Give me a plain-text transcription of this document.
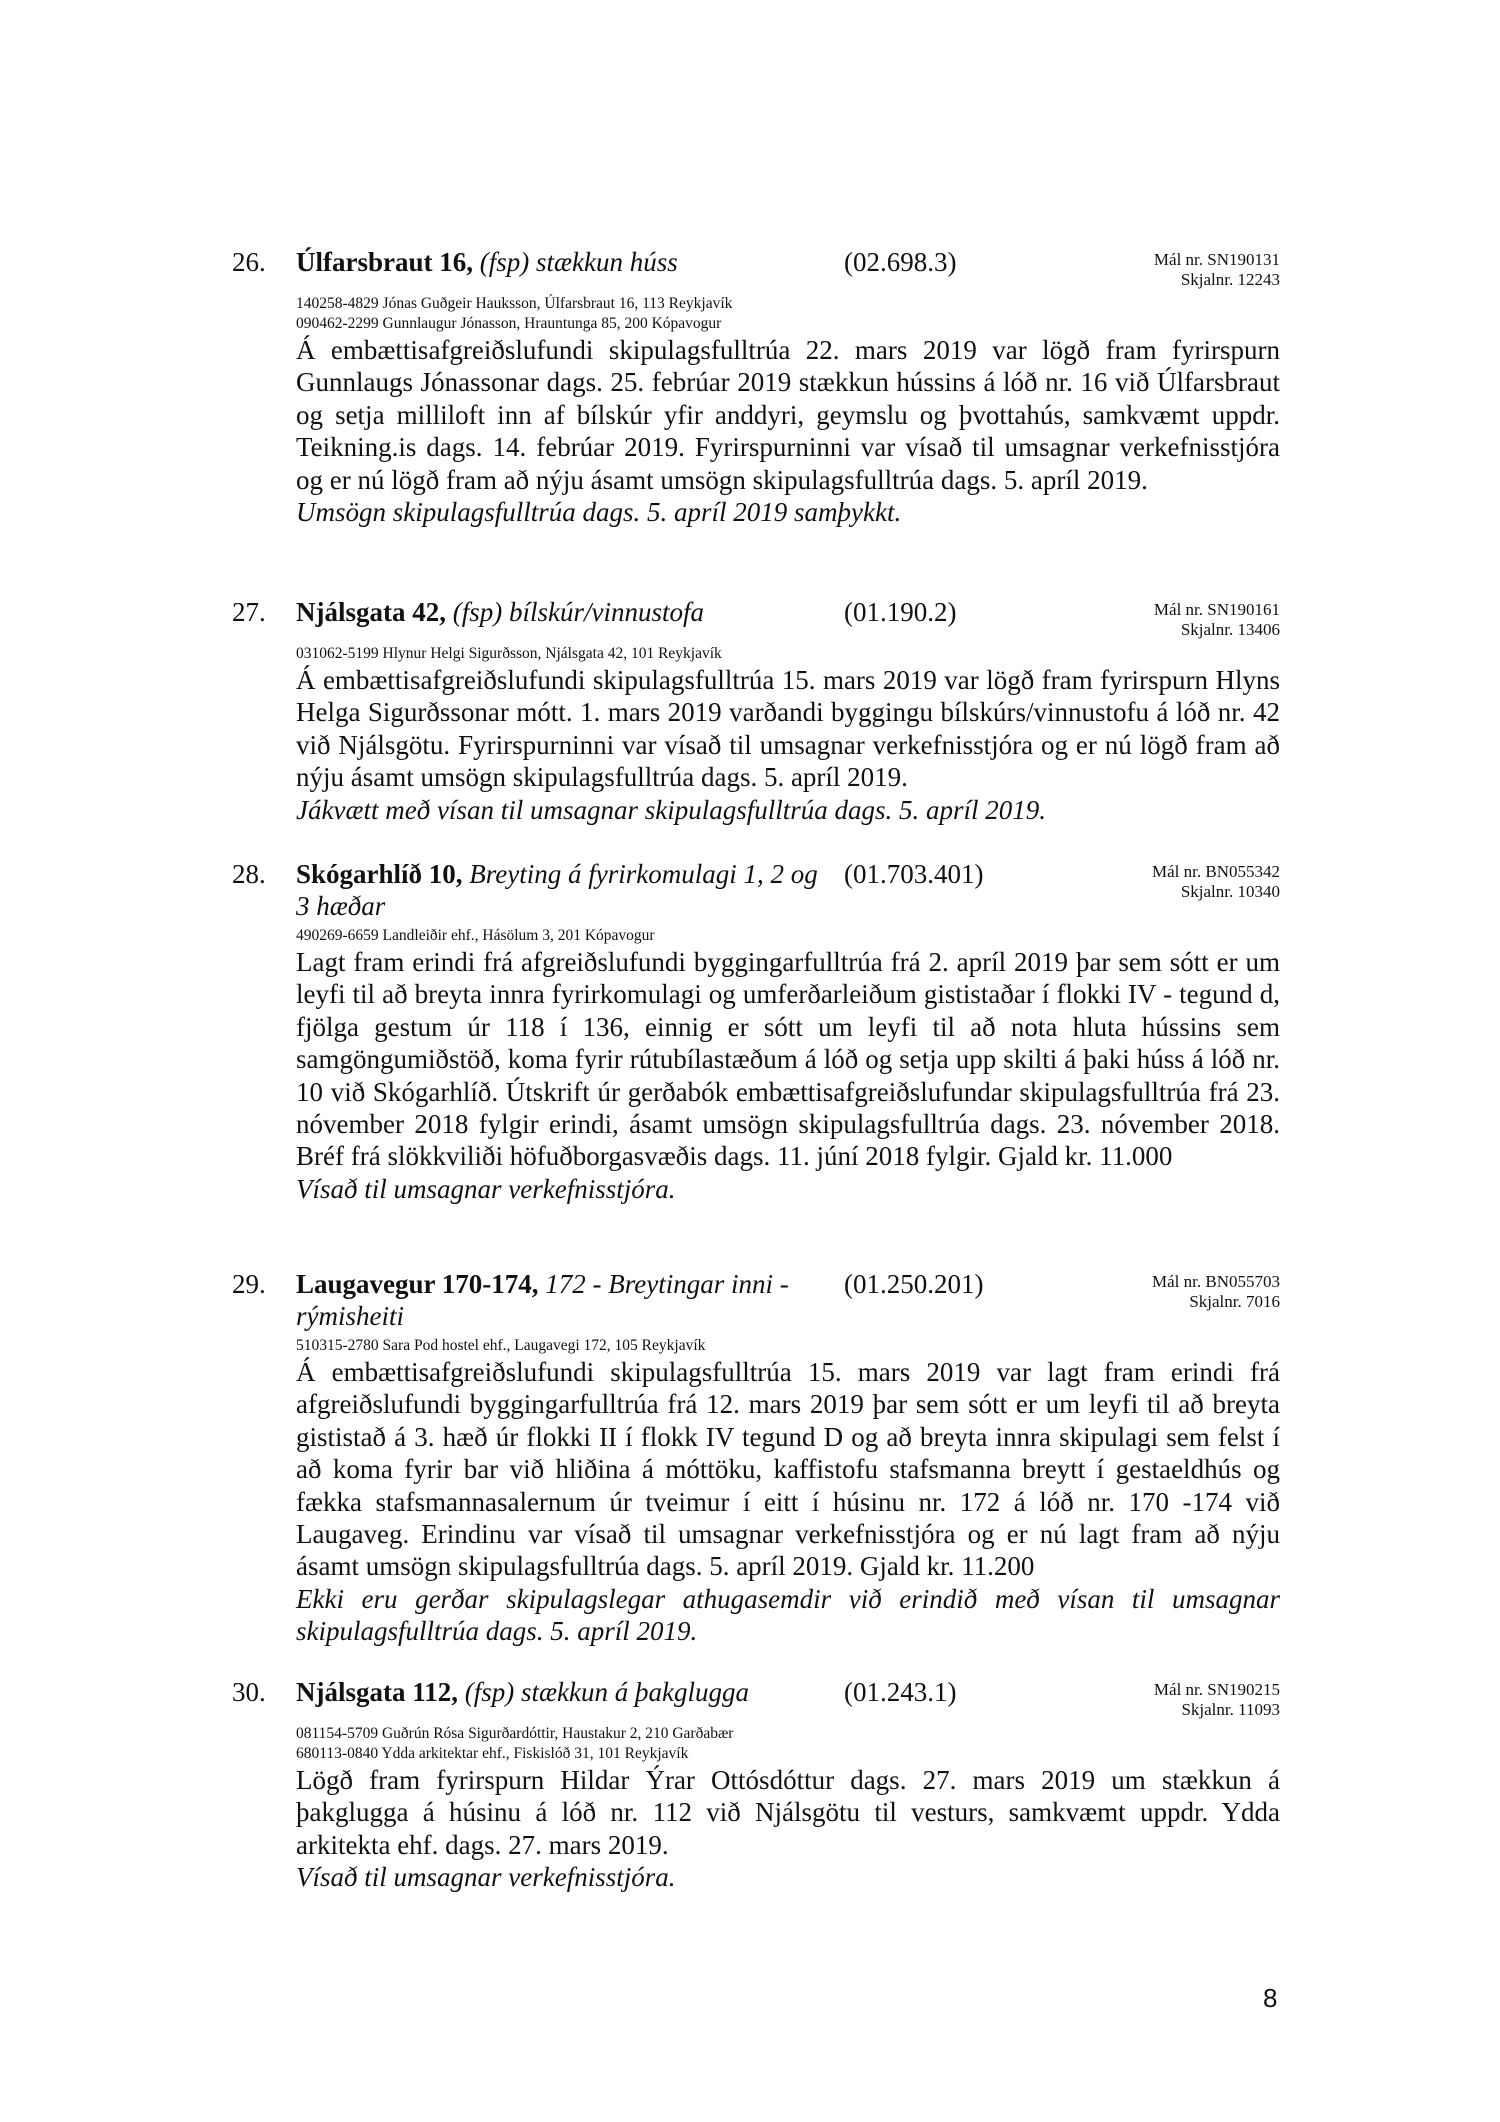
26. Úlfarsbraut 16, (fsp) stækkun húss	(02.698.3)	Mál nr. SN190131
Skjalnr. 12243
140258-4829 Jónas Guðgeir Hauksson, Úlfarsbraut 16, 113 Reykjavík
090462-2299 Gunnlaugur Jónasson, Hrauntunga 85, 200 Kópavogur

Á embættisafgreiðslufundi skipulagsfulltrúa 22. mars 2019 var lögð fram fyrirspurn Gunnlaugs Jónassonar dags. 25. febrúar 2019 stækkun hússins á lóð nr. 16 við Úlfarsbraut og setja milliloft inn af bílskúr yfir anddyri, geymslu og þvottahús, samkvæmt uppdr. Teikning.is dags. 14. febrúar 2019. Fyrirspurninni var vísað til umsagnar verkefnisstjóra og er nú lögð fram að nýju ásamt umsögn skipulagsfulltrúa dags. 5. apríl 2019.

Umsögn skipulagsfulltrúa dags. 5. apríl 2019 samþykkt.

27. Njálsgata 42, (fsp) bílskúr/vinnustofa	(01.190.2)	Mál nr. SN190161
Skjalnr. 13406
031062-5199 Hlynur Helgi Sigurðsson, Njálsgata 42, 101 Reykjavík

Á embættisafgreiðslufundi skipulagsfulltrúa 15. mars 2019 var lögð fram fyrirspurn Hlyns Helga Sigurðssonar mótt. 1. mars 2019 varðandi byggingu bílskúrs/vinnustofu á lóð nr. 42 við Njálsgötu. Fyrirspurninni var vísað til umsagnar verkefnisstjóra og er nú lögð fram að nýju ásamt umsögn skipulagsfulltrúa dags. 5. apríl 2019.

Jákvætt með vísan til umsagnar skipulagsfulltrúa dags. 5. apríl 2019.

28. Skógarhlíð 10, Breyting á fyrirkomulagi 1, 2 og 3 hæðar
(01.703.401)	Mál nr. BN055342
Skjalnr. 10340
490269-6659 Landleiðir ehf., Hásölum 3, 201 Kópavogur

Lagt fram erindi frá afgreiðslufundi byggingarfulltrúa frá 2. apríl 2019 þar sem sótt er um leyfi til að breyta innra fyrirkomulagi og umferðarleiðum gististaðar í flokki IV - tegund d, fjölga gestum úr 118 í 136, einnig er sótt um leyfi til að nota hluta hússins sem samgöngumiðstöð, koma fyrir rútubílastæðum á lóð og setja upp skilti á þaki húss á lóð nr. 10 við Skógarhlíð. Útskrift úr gerðabók embættisafgreiðslufundar skipulagsfulltrúa frá 23. nóvember 2018 fylgir erindi, ásamt umsögn skipulagsfulltrúa dags. 23. nóvember 2018. Bréf frá slökkviliði höfuðborgasvæðis dags. 11. júní 2018 fylgir. Gjald kr. 11.000

Vísað til umsagnar verkefnisstjóra.

29. Laugavegur 170-174, 172 - Breytingar inni - rýmisheiti
(01.250.201)	Mál nr. BN055703
Skjalnr. 7016
510315-2780 Sara Pod hostel ehf., Laugavegi 172, 105 Reykjavík

Á embættisafgreiðslufundi skipulagsfulltrúa 15. mars 2019 var lagt fram erindi frá afgreiðslufundi byggingarfulltrúa frá 12. mars 2019 þar sem sótt er um leyfi til að breyta gististað á 3. hæð úr flokki II í flokk IV tegund D og að breyta innra skipulagi sem felst í að koma fyrir bar við hliðina á móttöku, kaffistofu stafsmanna breytt í gestaeldhús og fækka stafsmannasalernum úr tveimur í eitt í húsinu nr. 172 á lóð nr. 170 -174 við Laugaveg. Erindinu var vísað til umsagnar verkefnisstjóra og er nú lagt fram að nýju ásamt umsögn skipulagsfulltrúa dags. 5. apríl 2019. Gjald kr. 11.200

Ekki eru gerðar skipulagslegar athugasemdir við erindið með vísan til umsagnar skipulagsfulltrúa dags. 5. apríl 2019.

30. Njálsgata 112, (fsp) stækkun á þakglugga	(01.243.1)	Mál nr. SN190215
Skjalnr. 11093
081154-5709 Guðrún Rósa Sigurðardóttir, Haustakur 2, 210 Garðabær
680113-0840 Ydda arkitektar ehf., Fiskislóð 31, 101 Reykjavík

Lögð fram fyrirspurn Hildar Ýrar Ottósdóttur dags. 27. mars 2019 um stækkun á þakglugga á húsinu á lóð nr. 112 við Njálsgötu til vesturs, samkvæmt uppdr. Ydda arkitekta ehf. dags. 27. mars 2019.

Vísað til umsagnar verkefnisstjóra.

8
